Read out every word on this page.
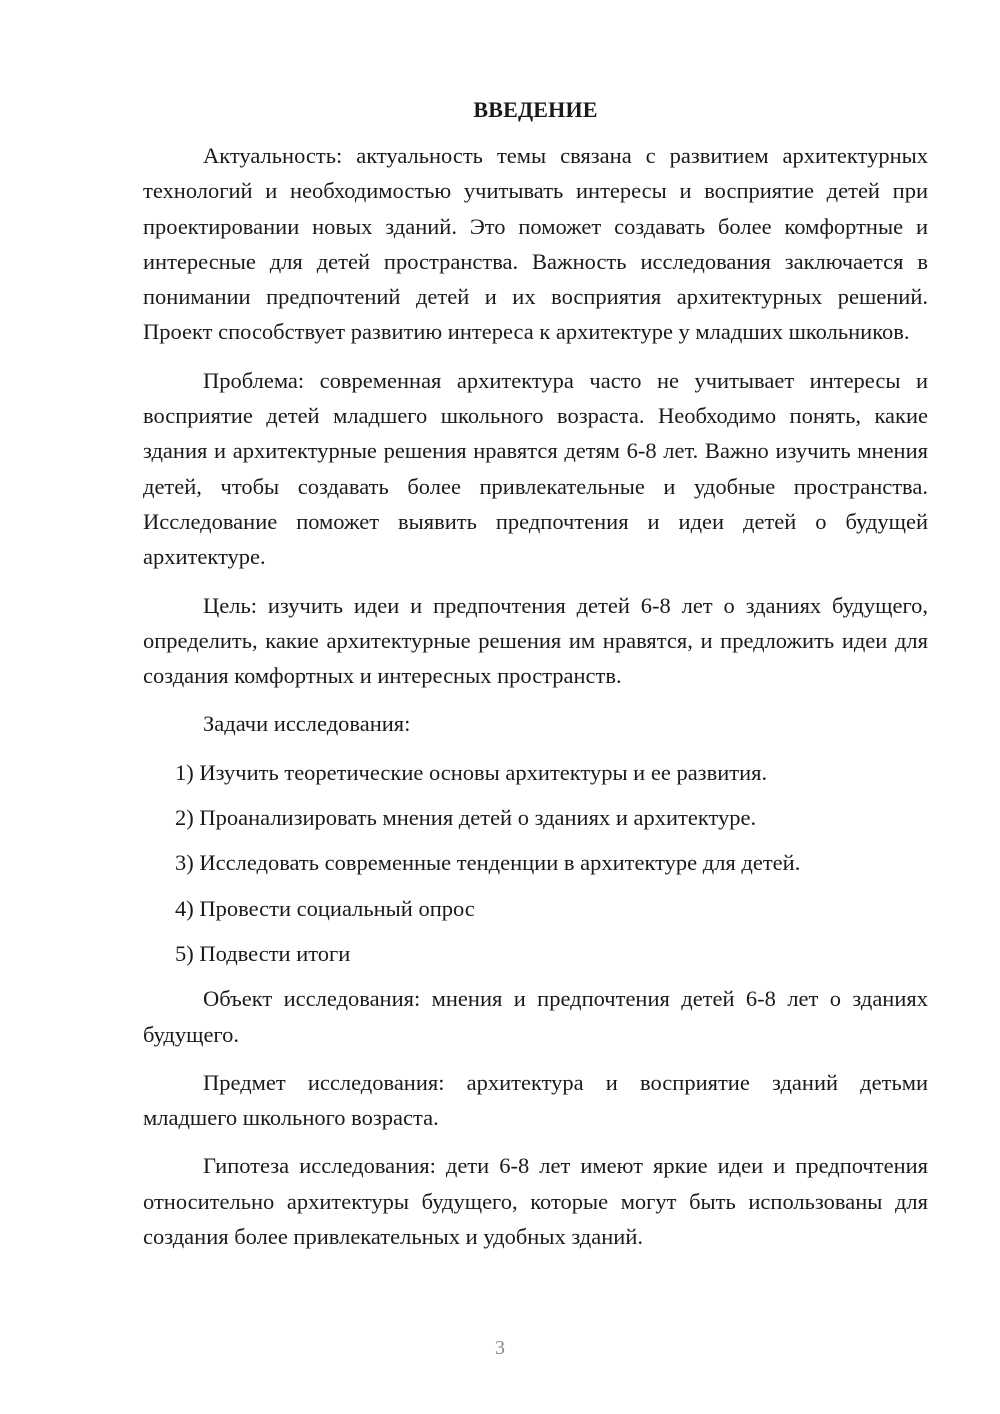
ВВЕДЕНИЕ

Актуальность: актуальность темы связана с развитием архитектурных технологий и необходимостью учитывать интересы и восприятие детей при проектировании новых зданий. Это поможет создавать более комфортные и интересные для детей пространства. Важность исследования заключается в понимании предпочтений детей и их восприятия архитектурных решений. Проект способствует развитию интереса к архитектуре у младших школьников.

Проблема: современная архитектура часто не учитывает интересы и восприятие детей младшего школьного возраста. Необходимо понять, какие здания и архитектурные решения нравятся детям 6-8 лет. Важно изучить мнения детей, чтобы создавать более привлекательные и удобные пространства. Исследование поможет выявить предпочтения и идеи детей о будущей архитектуре.

Цель: изучить идеи и предпочтения детей 6-8 лет о зданиях будущего, определить, какие архитектурные решения им нравятся, и предложить идеи для создания комфортных и интересных пространств.

Задачи исследования:

1) Изучить теоретические основы архитектуры и ее развития.
2) Проанализировать мнения детей о зданиях и архитектуре.
3) Исследовать современные тенденции в архитектуре для детей.
4) Провести социальный опрос
5) Подвести итоги

Объект исследования: мнения и предпочтения детей 6-8 лет о зданиях будущего.

Предмет исследования: архитектура и восприятие зданий детьми младшего школьного возраста.

Гипотеза исследования: дети 6-8 лет имеют яркие идеи и предпочтения относительно архитектуры будущего, которые могут быть использованы для создания более привлекательных и удобных зданий.

3
